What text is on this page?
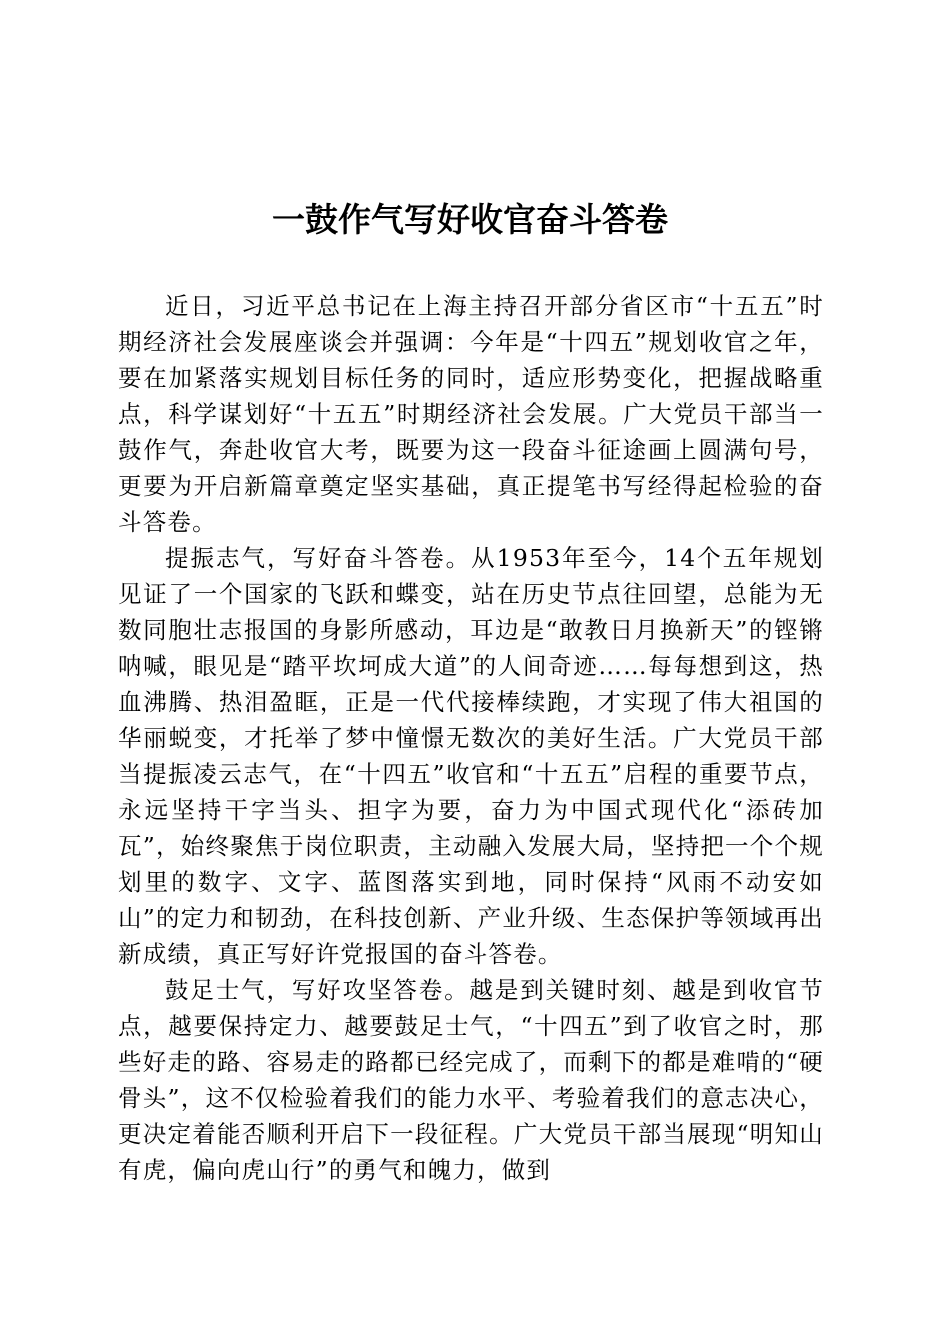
一鼓作气写好收官奋斗答卷

近日，习近平总书记在上海主持召开部分省区市“十五五”时期经济社会发展座谈会并强调：今年是“十四五”规划收官之年，要在加紧落实规划目标任务的同时，适应形势变化，把握战略重点，科学谋划好“十五五”时期经济社会发展。广大党员干部当一鼓作气，奔赴收官大考，既要为这一段奋斗征途画上圆满句号，更要为开启新篇章奠定坚实基础，真正提笔书写经得起检验的奋斗答卷。

提振志气，写好奋斗答卷。从1953年至今，14个五年规划见证了一个国家的飞跃和蝶变，站在历史节点往回望，总能为无数同胞壮志报国的身影所感动，耳边是“敢教日月换新天”的铿锵呐喊，眼见是“踏平坎坷成大道”的人间奇迹……每每想到这，热血沸腾、热泪盈眶，正是一代代接棒续跑，才实现了伟大祖国的华丽蜕变，才托举了梦中憧憬无数次的美好生活。广大党员干部当提振凌云志气，在“十四五”收官和“十五五”启程的重要节点，永远坚持干字当头、担字为要，奋力为中国式现代化“添砖加瓦”，始终聚焦于岗位职责，主动融入发展大局，坚持把一个个规划里的数字、文字、蓝图落实到地，同时保持“风雨不动安如山”的定力和韧劲，在科技创新、产业升级、生态保护等领域再出新成绩，真正写好许党报国的奋斗答卷。

鼓足士气，写好攻坚答卷。越是到关键时刻、越是到收官节点，越要保持定力、越要鼓足士气，“十四五”到了收官之时，那些好走的路、容易走的路都已经完成了，而剩下的都是难啃的“硬骨头”，这不仅检验着我们的能力水平、考验着我们的意志决心，更决定着能否顺利开启下一段征程。广大党员干部当展现“明知山有虎，偏向虎山行”的勇气和魄力，做到
